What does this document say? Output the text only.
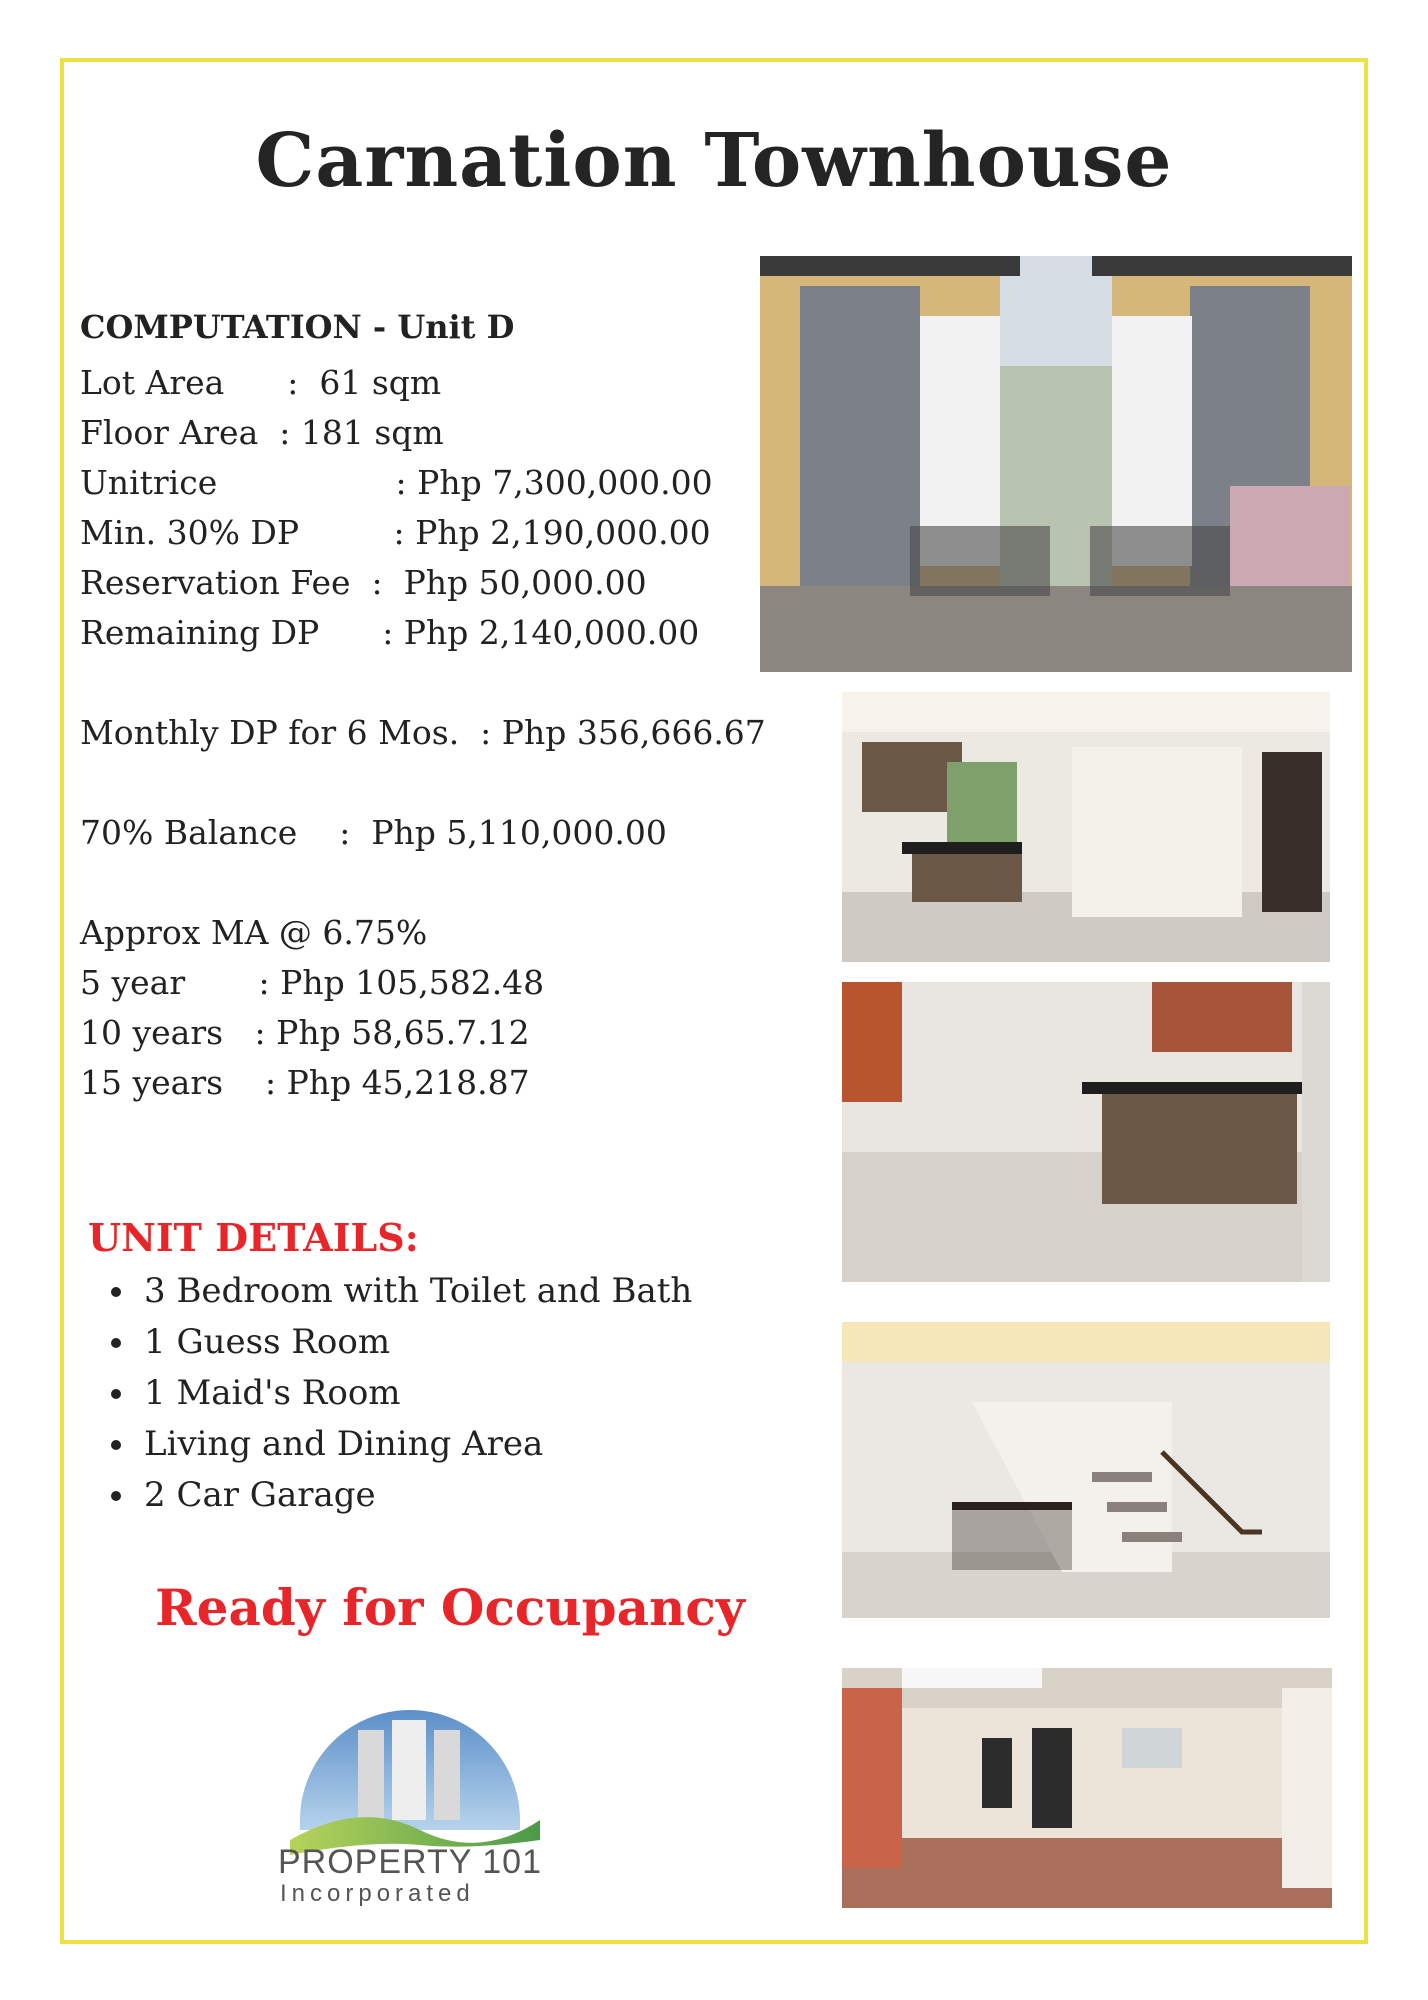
Carnation Townhouse
COMPUTATION - Unit D
Lot Area      : 61 sqm
Floor Area  : 181 sqm
Unitrice : Php 7,300,000.00
Min. 30% DP : Php 2,190,000.00
Reservation Fee  : Php 50,000.00
Remaining DP : Php 2,140,000.00
Monthly DP for 6 Mos. : Php 356,666.67
70% Balance    : Php 5,110,000.00
Approx MA @ 6.75%
5 year : Php 105,582.48
10 years : Php 58,65.7.12
15 years : Php 45,218.87
UNIT DETAILS:
• 3 Bedroom with Toilet and Bath
• 1 Guess Room
• 1 Maid's Room
• Living and Dining Area
• 2 Car Garage
Ready for Occupancy
PROPERTY 101
Incorporated
